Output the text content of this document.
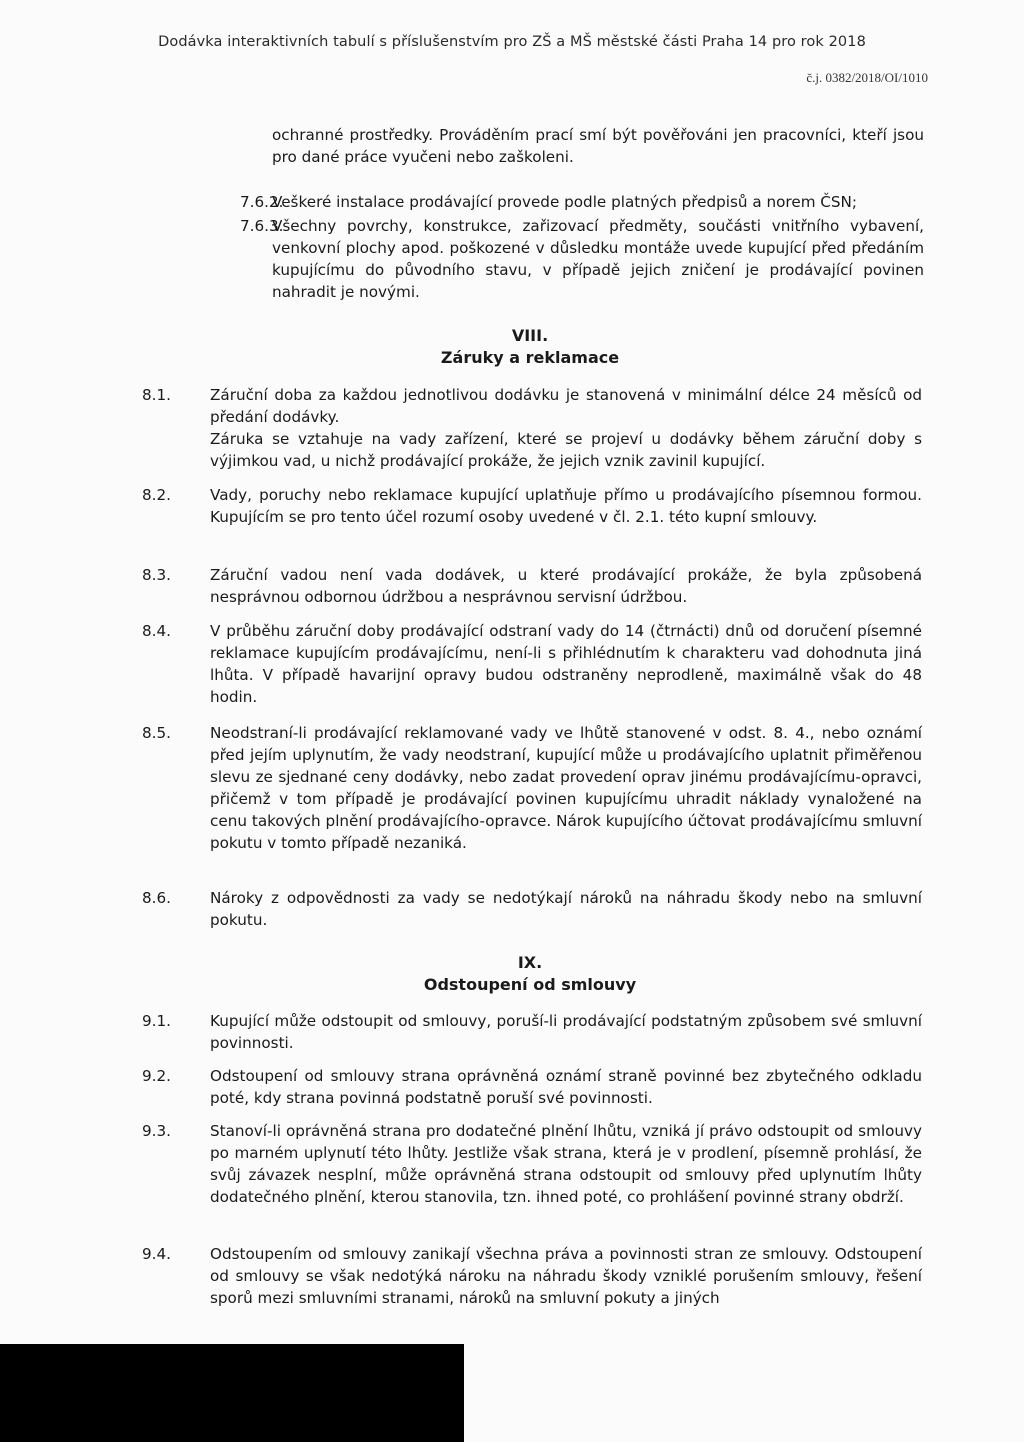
Dodávka interaktivních tabulí s příslušenstvím pro ZŠ a MŠ městské části Praha 14 pro rok 2018
č.j. 0382/2018/OI/1010
ochranné prostředky. Prováděním prací smí být pověřováni jen pracovníci, kteří jsou pro dané práce vyučeni nebo zaškoleni.
7.6.2.
Veškeré instalace prodávající provede podle platných předpisů a norem ČSN;
7.6.3.
Všechny povrchy, konstrukce, zařizovací předměty, součásti vnitřního vybavení, venkovní plochy apod. poškozené v důsledku montáže uvede kupující před předáním kupujícímu do původního stavu, v případě jejich zničení je prodávající povinen nahradit je novými.
VIII.
Záruky a reklamace
8.1.	Záruční doba za každou jednotlivou dodávku je stanovená v minimální délce 24 měsíců od předání dodávky.
Záruka se vztahuje na vady zařízení, které se projeví u dodávky během záruční doby s výjimkou vad, u nichž prodávající prokáže, že jejich vznik zavinil kupující.
8.2.	Vady, poruchy nebo reklamace kupující uplatňuje přímo u prodávajícího písemnou formou. Kupujícím se pro tento účel rozumí osoby uvedené v čl. 2.1. této kupní smlouvy.
8.3.	Záruční vadou není vada dodávek, u které prodávající prokáže, že byla způsobená nesprávnou odbornou údržbou a nesprávnou servisní údržbou.
8.4.	V průběhu záruční doby prodávající odstraní vady do 14 (čtrnácti) dnů od doručení písemné reklamace kupujícím prodávajícímu, není-li s přihlédnutím k charakteru vad dohodnuta jiná lhůta. V případě havarijní opravy budou odstraněny neprodleně, maximálně však do 48 hodin.
8.5.	Neodstraní-li prodávající reklamované vady ve lhůtě stanovené v odst. 8. 4., nebo oznámí před jejím uplynutím, že vady neodstraní, kupující může u prodávajícího uplatnit přiměřenou slevu ze sjednané ceny dodávky, nebo zadat provedení oprav jinému prodávajícímu-opravci, přičemž v tom případě je prodávající povinen kupujícímu uhradit náklady vynaložené na cenu takových plnění prodávajícího-opravce. Nárok kupujícího účtovat prodávajícímu smluvní pokutu v tomto případě nezaniká.
8.6.	Nároky z odpovědnosti za vady se nedotýkají nároků na náhradu škody nebo na smluvní pokutu.
IX.
Odstoupení od smlouvy
9.1.	Kupující může odstoupit od smlouvy, poruší-li prodávající podstatným způsobem své smluvní povinnosti.
9.2.	Odstoupení od smlouvy strana oprávněná oznámí straně povinné bez zbytečného odkladu poté, kdy strana povinná podstatně poruší své povinnosti.
9.3.	Stanoví-li oprávněná strana pro dodatečné plnění lhůtu, vzniká jí právo odstoupit od smlouvy po marném uplynutí této lhůty. Jestliže však strana, která je v prodlení, písemně prohlásí, že svůj závazek nesplní, může oprávněná strana odstoupit od smlouvy před uplynutím lhůty dodatečného plnění, kterou stanovila, tzn. ihned poté, co prohlášení povinné strany obdrží.
9.4.	Odstoupením od smlouvy zanikají všechna práva a povinnosti stran ze smlouvy. Odstoupení od smlouvy se však nedotýká nároku na náhradu škody vzniklé porušením smlouvy, řešení sporů mezi smluvními stranami, nároků na smluvní pokuty a jiných
